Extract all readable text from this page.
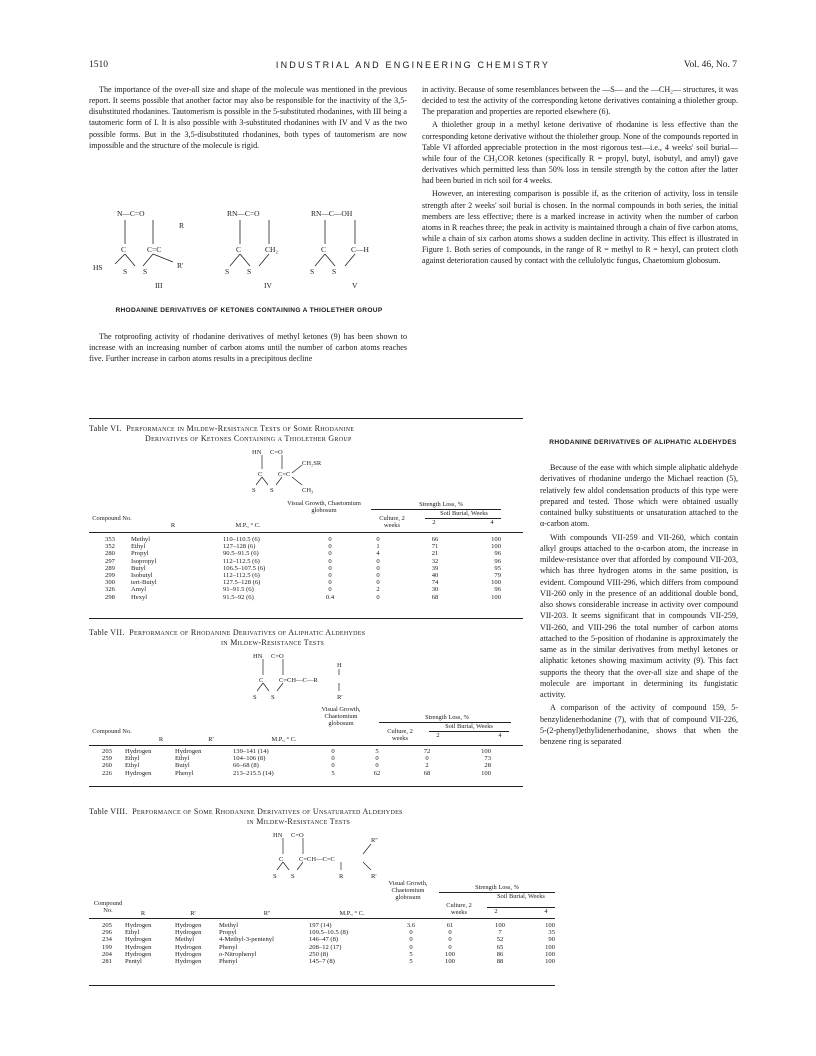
1510	INDUSTRIAL AND ENGINEERING CHEMISTRY	Vol. 46, No. 7

The importance of the over-all size and shape of the molecule was mentioned in the previous report. It seems possible that another factor may also be responsible for the inactivity of the 3,5-disubstituted rhodanines. Tautomerism is possible in the 5-substituted rhodanines, with III being a tautomeric form of I. It is also possible with 3-substituted rhodanines with IV and V as the two possible forms. But in the 3,5-disubstituted rhodanines, both types of tautomerism are now impossible and the structure of the molecule is rigid.

N—C=O
R
C	C=C
HS	S S
R'
III
RN—C=O
C	CH₂
S S
IV
RN—C—OH
C	C—H
S S
V
RHODANINE DERIVATIVES OF KETONES CONTAINING A THIOLETHER GROUP

The rotproofing activity of rhodanine derivatives of methyl ketones (9) has been shown to increase with an increasing number of carbon atoms until the number of carbon atoms reaches five. Further increase in carbon atoms results in a precipitous decline

in activity. Because of some resemblances between the —S— and the —CH₂— structures, it was decided to test the activity of the corresponding ketone derivatives containing a thiolether group. The preparation and properties are reported elsewhere (6).

A thiolether group in a methyl ketone derivative of rhodanine is less effective than the corresponding ketone derivative without the thiolether group. None of the compounds reported in Table VI afforded appreciable protection in the most rigorous test—i.e., 4 weeks' soil burial—while four of the CH₃COR ketones (specifically R = propyl, butyl, isobutyl, and amyl) gave derivatives which permitted less than 50% loss in tensile strength by the cotton after the latter had been buried in rich soil for 4 weeks.

However, an interesting comparison is possible if, as the criterion of activity, loss in tensile strength after 2 weeks' soil burial is chosen. In the normal compounds in both series, the initial members are less effective; there is a marked increase in activity when the number of carbon atoms in R reaches three; the peak in activity is maintained through a chain of five carbon atoms, while a chain of six carbon atoms shows a sudden decline in activity. This effect is illustrated in Figure 1. Both series of compounds, in the range of R = methyl to R = hexyl, can protect cloth against deterioration caused by contact with the cellulolytic fungus, Chaetomium globosum.

Table VI. Performance in Mildew-Resistance Tests of Some Rhodanine
Derivatives of Ketones Containing a Thiolether Group
HN C=O
CH₂SR
C C=C
S S	CH₃
Visual Growth, Chaetomium globosum
Strength Loss, %
Soil Burial, Weeks
Compound No.
R	M.P., ° C.
Culture, 2 weeks	2	4
353	Methyl	110–110.5 (6)	0	0	66	100
352	Ethyl	127–128 (6)	0	1	71	100
280	Propyl	90.5–91.5 (6)	0	4	21	96
297	Isopropyl	112–112.5 (6)	0	0	32	96
289	Butyl	106.5–107.5 (6)	0	0	39	95
299	Isobutyl	112–112.5 (6)	0	0	40	79
300	tert-Butyl	127.5–128 (6)	0	0	74	100
326	Amyl	91–91.5 (6)	0	2	30	96
298	Hexyl	91.5–92 (6)	0.4	0	68	100
Table VII. Performance of Rhodanine Derivatives of Aliphatic Aldehydes
in Mildew-Resistance Tests
HN C=O
H
C C=CH—C—R
S S	R'
Visual Growth, Chaetomium globosum
Strength Loss, %
Soil Burial, Weeks
Compound No.
R	R'	M.P., ° C.
Culture, 2 weeks	2	4
203	Hydrogen	Hydrogen	139–141 (14)	0	5	72	100
259	Ethyl	Ethyl	104–106 (8)	0	0	0	73
260	Ethyl	Butyl	66–68 (8)	0	0	2	28
226	Hydrogen	Phenyl	213–215.5 (14)	5	62	68	100
Table VIII. Performance of Some Rhodanine Derivatives of Unsaturated Aldehydes
in Mildew-Resistance Tests
HN C=O
R''
C C=CH—C=C
S S	R	R'
Visual Growth, Chaetomium globosum
Strength Loss, %
Soil Burial, Weeks
Compound No.	R	R'	R''	M.P., ° C.
Culture, 2 weeks	2	4
205	Hydrogen	Hydrogen	Methyl	197 (14)	3.6	61	100	100
296	Ethyl	Hydrogen	Propyl	109.5–10.5 (8)	0	0	7	35
234	Hydrogen	Methyl	4-Methyl-3-pentenyl	146–47 (8)	0	0	52	90
199	Hydrogen	Hydrogen	Phenyl	208–12 (17)	0	0	65	100
204	Hydrogen	Hydrogen	o-Nitrophenyl	250 (8)	5	100	86	100
281	Pentyl	Hydrogen	Phenyl	145–7 (8)	5	100	88	100
RHODANINE DERIVATIVES OF ALIPHATIC ALDEHYDES

Because of the ease with which simple aliphatic aldehyde derivatives of rhodanine undergo the Michael reaction (5), relatively few aldol condensation products of this type were prepared and tested. Those which were obtained usually contained bulky substituents or unsaturation attached to the α-carbon atom.

With compounds VII-259 and VII-260, which contain alkyl groups attached to the α-carbon atom, the increase in mildew-resistance over that afforded by compound VII-203, which has three hydrogen atoms in the same position, is evident. Compound VIII-296, which differs from compound VII-260 only in the presence of an additional double bond, also shows considerable increase in activity over compound VII-203. It seems significant that in compounds VII-259, VII-260, and VIII-296 the total number of carbon atoms attached to the 5-position of rhodanine is approximately the same as in the similar derivatives from methyl ketones or aliphatic ketones showing maximum activity (9). This fact supports the theory that the over-all size and shape of the molecule are important in determining its fungistatic activity.

A comparison of the activity of compound 159, 5-benzylidenerhodanine (7), with that of compound VII-226, 5-(2-phenyl)ethylidenerhodanine, shows that when the benzene ring is separated
